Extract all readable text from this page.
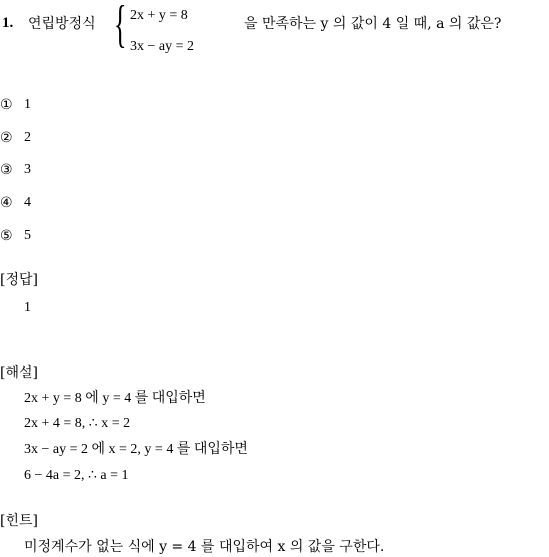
1. 연립방정식 { 2x + y = 8
3x − ay = 2
을 만족하는 y 의 값이 4 일 때, a 의 값은?
① 1
② 2
③ 3
④ 4
⑤ 5
[정답]
1
[해설]
2x + y = 8 에 y = 4 를 대입하면
2x + 4 = 8, ∴ x = 2
3x − ay = 2 에 x = 2, y = 4 를 대입하면
6 − 4a = 2, ∴ a = 1
[힌트]
미정계수가 없는 식에 y = 4 를 대입하여 x 의 값을 구한다.
